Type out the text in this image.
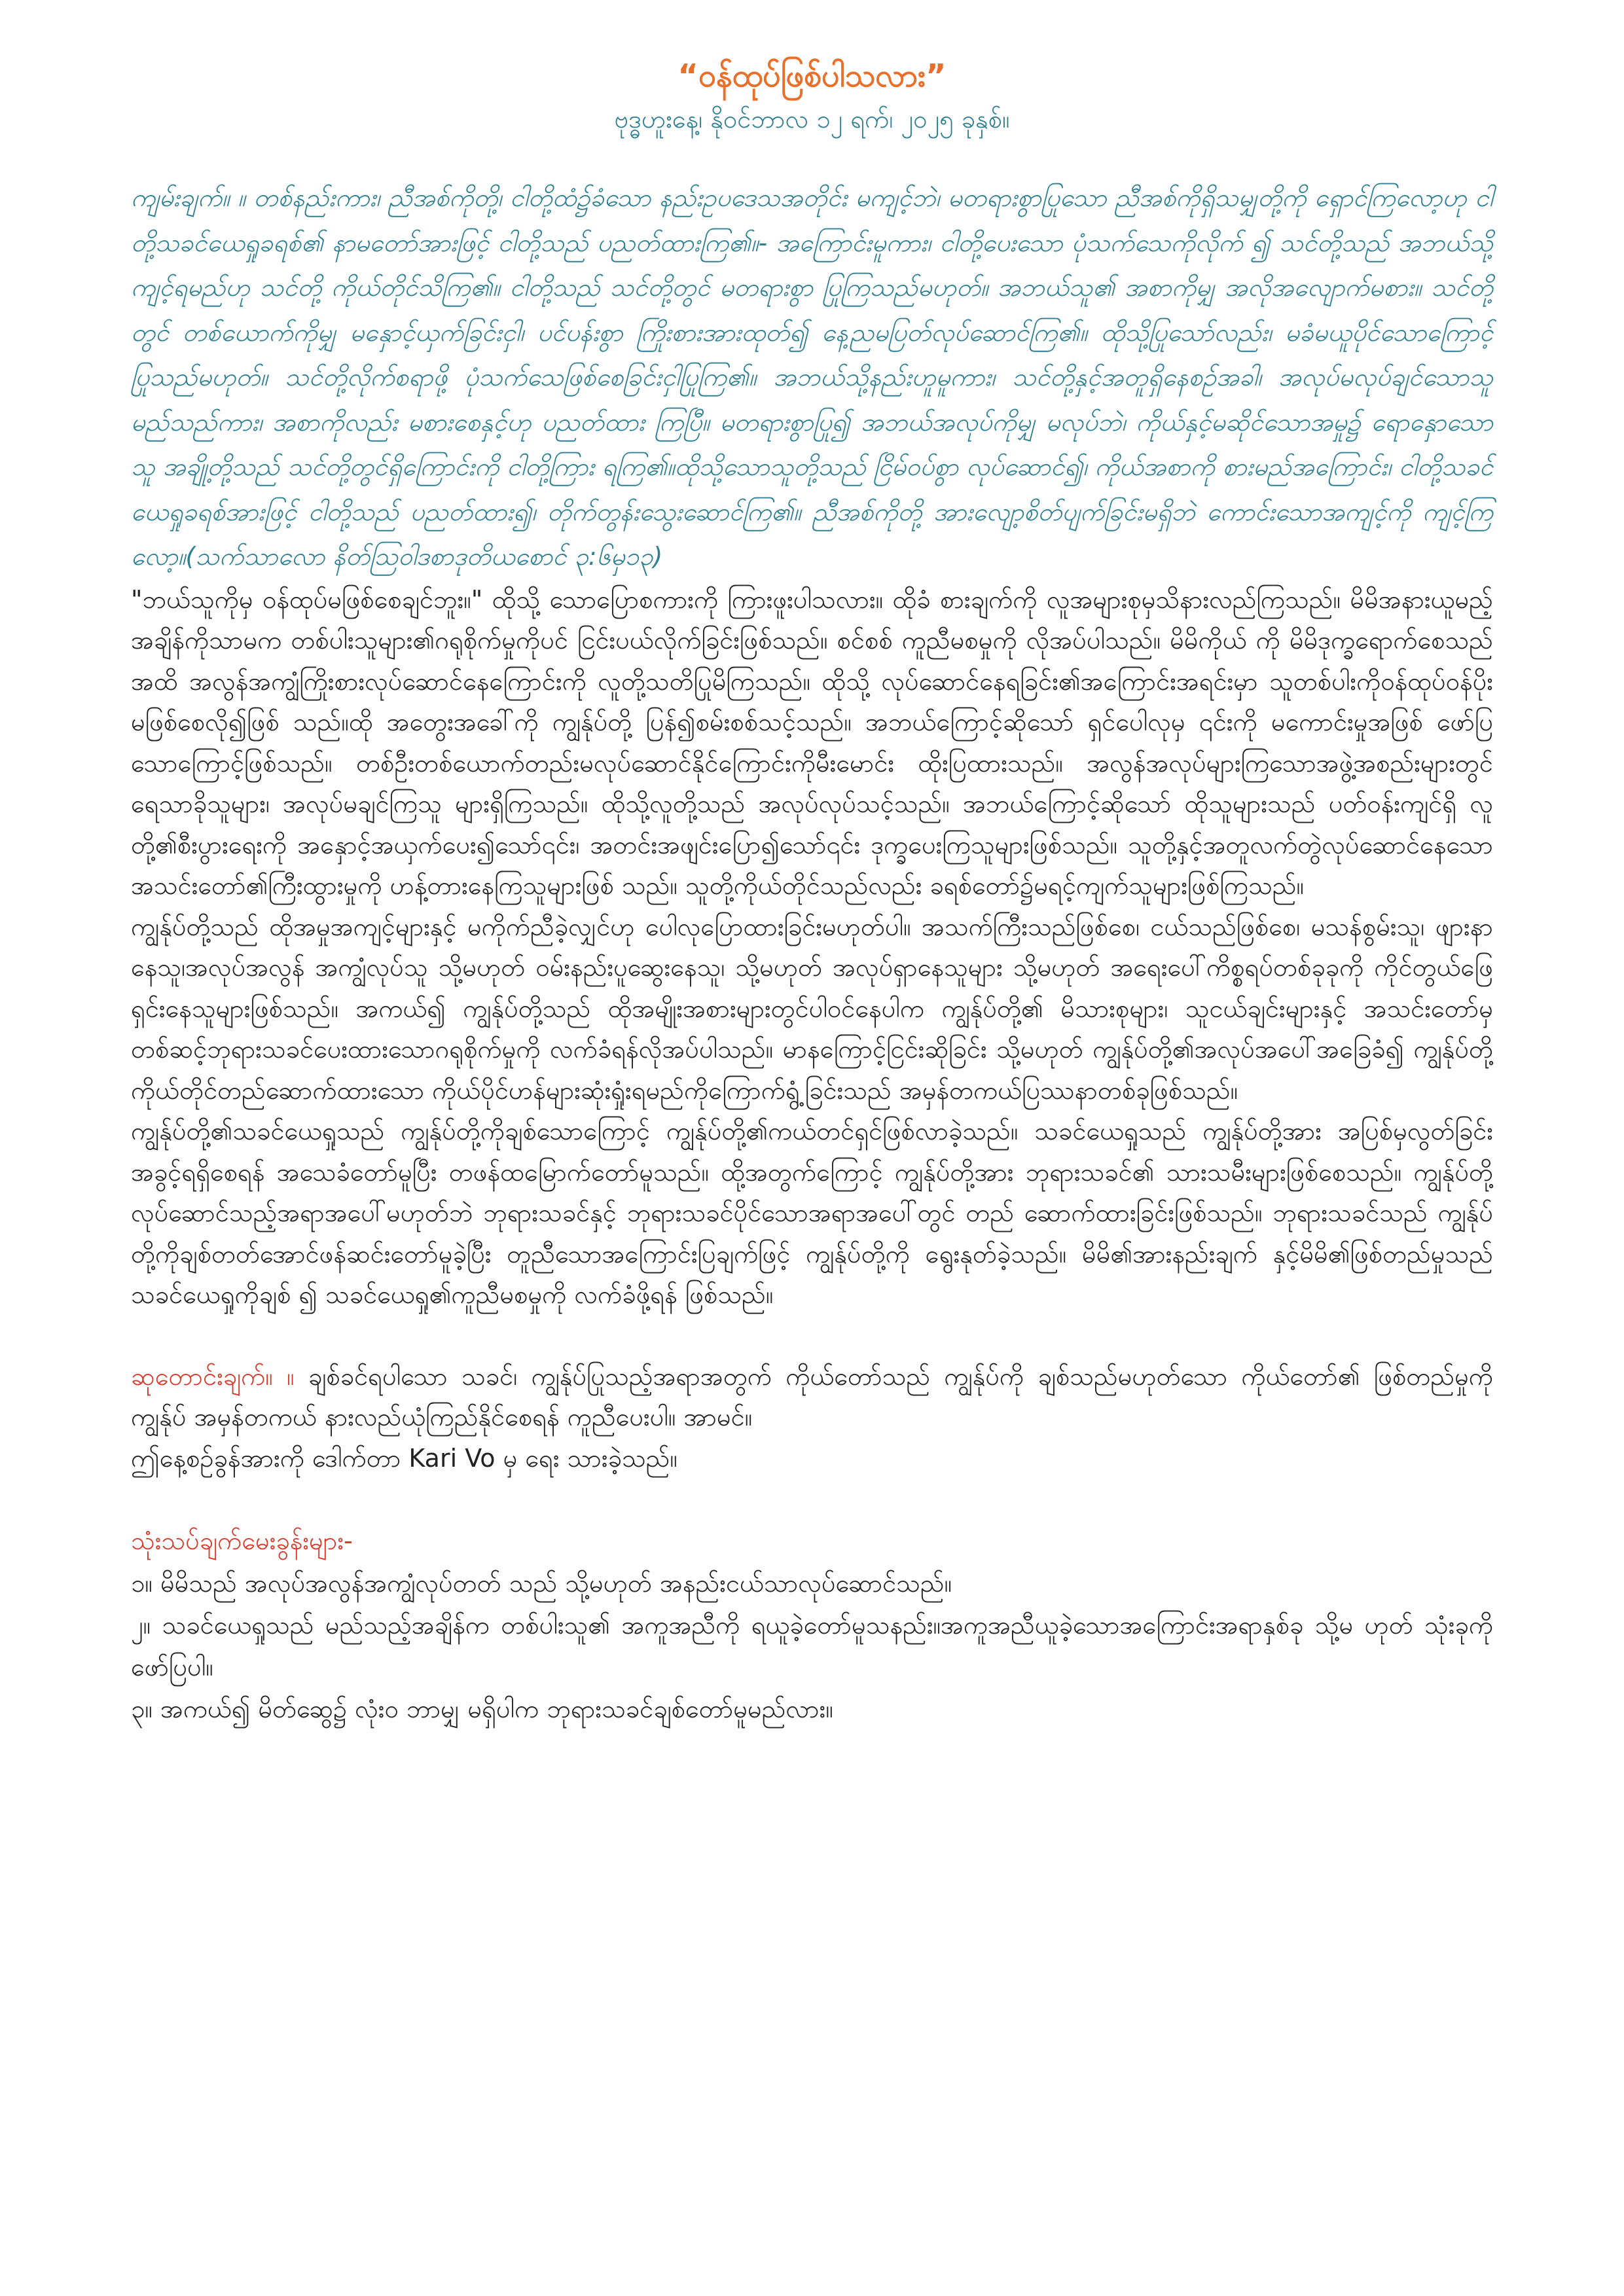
“ဝန်ထုပ်ဖြစ်ပါသလား”

ဗုဒ္ဓဟူးနေ့၊ နိုဝင်ဘာလ ၁၂ ရက်၊ ၂၀၂၅ ခုနှစ်။

ကျမ်းချက်။ ။ တစ်နည်းကား၊ ညီအစ်ကိုတို့၊ ငါတို့ထံ၌ခံသော နည်းဥပဒေသအတိုင်း မကျင့်ဘဲ၊ မတရားစွာပြုသော ညီအစ်ကိုရှိသမျှတို့ကို ရှောင်ကြလော့ဟု ငါတို့သခင်ယေရှုခရစ်၏ နာမတော်အားဖြင့် ငါတို့သည် ပညတ်ထားကြ၏။- အကြောင်းမူကား၊ ငါတို့ပေးသော ပုံသက်သေကိုလိုက် ၍ သင်တို့သည် အဘယ်သို့ကျင့်ရမည်ဟု သင်တို့ ကိုယ်တိုင်သိကြ၏။ ငါတို့သည် သင်တို့တွင် မတရားစွာ ပြုကြသည်မဟုတ်။ အဘယ်သူ၏ အစာကိုမျှ အလိုအလျောက်မစား။ သင်တို့တွင် တစ်ယောက်ကိုမျှ မနှောင့်ယှက်ခြင်းငှါ၊ ပင်ပန်းစွာ ကြိုးစားအားထုတ်၍ နေ့ညမပြတ်လုပ်ဆောင်ကြ၏။ ထိုသို့ပြုသော်လည်း၊ မခံမယူပိုင်သောကြောင့် ပြုသည်မဟုတ်။ သင်တို့လိုက်စရာဖို့ ပုံသက်သေဖြစ်စေခြင်းငှါပြုကြ၏။ အဘယ်သို့နည်းဟူမူကား၊ သင်တို့နှင့်အတူရှိနေစဉ်အခါ၊ အလုပ်မလုပ်ချင်သောသူမည်သည်ကား၊ အစာကိုလည်း မစားစေနှင့်ဟု ပညတ်ထား ကြပြီ။ မတရားစွာပြု၍ အဘယ်အလုပ်ကိုမျှ မလုပ်ဘဲ၊ ကိုယ်နှင့်မဆိုင်သောအမှု၌ ရောနှောသောသူ အချို့တို့သည် သင်တို့တွင်ရှိကြောင်းကို ငါတို့ကြား ရကြ၏။ထိုသို့သောသူတို့သည် ငြိမ်ဝပ်စွာ လုပ်ဆောင်၍၊ ကိုယ်အစာကို စားမည်အကြောင်း၊ ငါတို့သခင်ယေရှုခရစ်အားဖြင့် ငါတို့သည် ပညတ်ထား၍၊ တိုက်တွန်းသွေးဆောင်ကြ၏။ ညီအစ်ကိုတို့ အားလျော့စိတ်ပျက်ခြင်းမရှိဘဲ ကောင်းသောအကျင့်ကို ကျင့်ကြလော့။(သက်သာလော နိတ်ဩဝါဒစာဒုတိယစောင် ၃:၆မှ၁၃)

"ဘယ်သူကိုမှ ဝန်ထုပ်မဖြစ်စေချင်ဘူး။" ထိုသို့ သောပြောစကားကို ကြားဖူးပါသလား။ ထိုခံ စားချက်ကို လူအများစုမှသိနားလည်ကြသည်။ မိမိအနားယူမည့်အချိန်ကိုသာမက တစ်ပါးသူများ၏ဂရုစိုက်မှုကိုပင် ငြင်းပယ်လိုက်ခြင်းဖြစ်သည်။ စင်စစ် ကူညီမစမှုကို လိုအပ်ပါသည်။ မိမိကိုယ် ကို မိမိဒုက္ခရောက်စေသည်အထိ အလွန်အကျွံကြိုးစားလုပ်ဆောင်နေကြောင်းကို လူတို့သတိပြုမိကြသည်။ ထိုသို့ လုပ်ဆောင်နေရခြင်း၏အကြောင်းအရင်းမှာ သူတစ်ပါးကိုဝန်ထုပ်ဝန်ပိုး မဖြစ်စေလို၍ဖြစ် သည်။ထို အတွေးအခေါ်ကို ကျွန်ုပ်တို့ ပြန်၍စမ်းစစ်သင့်သည်။ အဘယ်ကြောင့်ဆိုသော် ရှင်ပေါလုမှ ၎င်းကို မကောင်းမှုအဖြစ် ဖော်ပြသောကြောင့်ဖြစ်သည်။ တစ်ဦးတစ်ယောက်တည်းမလုပ်ဆောင်နိုင်ကြောင်းကိုမီးမောင်း ထိုးပြထားသည်။ အလွန်အလုပ်များကြသောအဖွဲ့အစည်းများတွင် ရေသာခိုသူများ၊ အလုပ်မချင်ကြသူ များရှိကြသည်။ ထိုသို့လူတို့သည် အလုပ်လုပ်သင့်သည်။ အဘယ်ကြောင့်ဆိုသော် ထိုသူများသည် ပတ်ဝန်းကျင်ရှိ လူတို့၏စီးပွားရေးကို အနှောင့်အယှက်ပေး၍သော်၎င်း၊ အတင်းအဖျင်းပြော၍သော်၎င်း ဒုက္ခပေးကြသူများဖြစ်သည်။ သူတို့နှင့်အတူလက်တွဲလုပ်ဆောင်နေသောအသင်းတော်၏ကြီးထွားမှုကို ဟန့်တားနေကြသူများဖြစ် သည်။ သူတို့ကိုယ်တိုင်သည်လည်း ခရစ်တော်၌မရင့်ကျက်သူများဖြစ်ကြသည်။

ကျွန်ုပ်တို့သည် ထိုအမှုအကျင့်များနှင့် မကိုက်ညီခဲ့လျှင်ဟု ပေါလုပြောထားခြင်းမဟုတ်ပါ။ အသက်ကြီးသည်ဖြစ်စေ၊ ငယ်သည်ဖြစ်စေ၊ မသန်စွမ်းသူ၊ ဖျားနာနေသူ၊အလုပ်အလွန် အကျွံလုပ်သူ သို့မဟုတ် ဝမ်းနည်းပူဆွေးနေသူ၊ သို့မဟုတ် အလုပ်ရှာနေသူများ သို့မဟုတ် အရေးပေါ်ကိစ္စရပ်တစ်ခုခုကို ကိုင်တွယ်ဖြေရှင်းနေသူများဖြစ်သည်။ အကယ်၍ ကျွန်ုပ်တို့သည် ထိုအမျိုးအစားများတွင်ပါဝင်နေပါက ကျွန်ုပ်တို့၏ မိသားစုများ၊ သူငယ်ချင်းများနှင့် အသင်းတော်မှတစ်ဆင့်ဘုရားသခင်ပေးထားသောဂရုစိုက်မှုကို လက်ခံရန်လိုအပ်ပါသည်။ မာနကြောင့်ငြင်းဆိုခြင်း သို့မဟုတ် ကျွန်ုပ်တို့၏အလုပ်အပေါ်အခြေခံ၍ ကျွန်ုပ်တို့ကိုယ်တိုင်တည်ဆောက်ထားသော ကိုယ်ပိုင်ဟန်များဆုံးရှုံးရမည်ကိုကြောက်ရွံ့ခြင်းသည် အမှန်တကယ်ပြဿနာတစ်ခုဖြစ်သည်။

ကျွန်ုပ်တို့၏သခင်ယေရှုသည် ကျွန်ုပ်တို့ကိုချစ်သောကြောင့် ကျွန်ုပ်တို့၏ကယ်တင်ရှင်ဖြစ်လာခဲ့သည်။ သခင်ယေရှုသည် ကျွန်ုပ်တို့အား အပြစ်မှလွတ်ခြင်းအခွင့်ရရှိစေရန် အသေခံတော်မူပြီး တဖန်ထမြောက်တော်မူသည်။ ထို့အတွက်ကြောင့် ကျွန်ုပ်တို့အား ဘုရားသခင်၏ သားသမီးများဖြစ်စေသည်။ ကျွန်ုပ်တို့လုပ်ဆောင်သည့်အရာအပေါ်မဟုတ်ဘဲ ဘုရားသခင်နှင့် ဘုရားသခင်ပိုင်သောအရာအပေါ်တွင် တည် ဆောက်ထားခြင်းဖြစ်သည်။ ဘုရားသခင်သည် ကျွန်ုပ်တို့ကိုချစ်တတ်အောင်ဖန်ဆင်းတော်မူခဲ့ပြီး တူညီသောအကြောင်းပြချက်ဖြင့် ကျွန်ုပ်တို့ကို ရွေးနုတ်ခဲ့သည်။ မိမိ၏အားနည်းချက် နှင့်မိမိ၏ဖြစ်တည်မှုသည် သခင်ယေရှုကိုချစ် ၍ သခင်ယေရှု၏ကူညီမစမှုကို လက်ခံဖို့ရန် ဖြစ်သည်။

ဆုတောင်းချက်။ ။ ချစ်ခင်ရပါသော သခင်၊ ကျွန်ုပ်ပြုသည့်အရာအတွက် ကိုယ်တော်သည် ကျွန်ုပ်ကို ချစ်သည်မဟုတ်သော ကိုယ်တော်၏ ဖြစ်တည်မှုကို ကျွန်ုပ် အမှန်တကယ် နားလည်ယုံကြည်နိုင်စေရန် ကူညီပေးပါ။ အာမင်။

ဤနေ့စဉ်ခွန်အားကို ဒေါက်တာ Kari Vo မှ ရေး သားခဲ့သည်။

သုံးသပ်ချက်မေးခွန်းများ-

၁။ မိမိသည် အလုပ်အလွန်အကျွံလုပ်တတ် သည် သို့မဟုတ် အနည်းငယ်သာလုပ်ဆောင်သည်။

၂။ သခင်ယေရှုသည် မည်သည့်အချိန်က တစ်ပါးသူ၏ အကူအညီကို ရယူခဲ့တော်မူသနည်း။အကူအညီယူခဲ့သောအကြောင်းအရာနှစ်ခု သို့မ ဟုတ် သုံးခုကို ဖော်ပြပါ။

၃။ အကယ်၍ မိတ်ဆွေ၌ လုံးဝ ဘာမျှ မရှိပါက ဘုရားသခင်ချစ်တော်မူမည်လား။
